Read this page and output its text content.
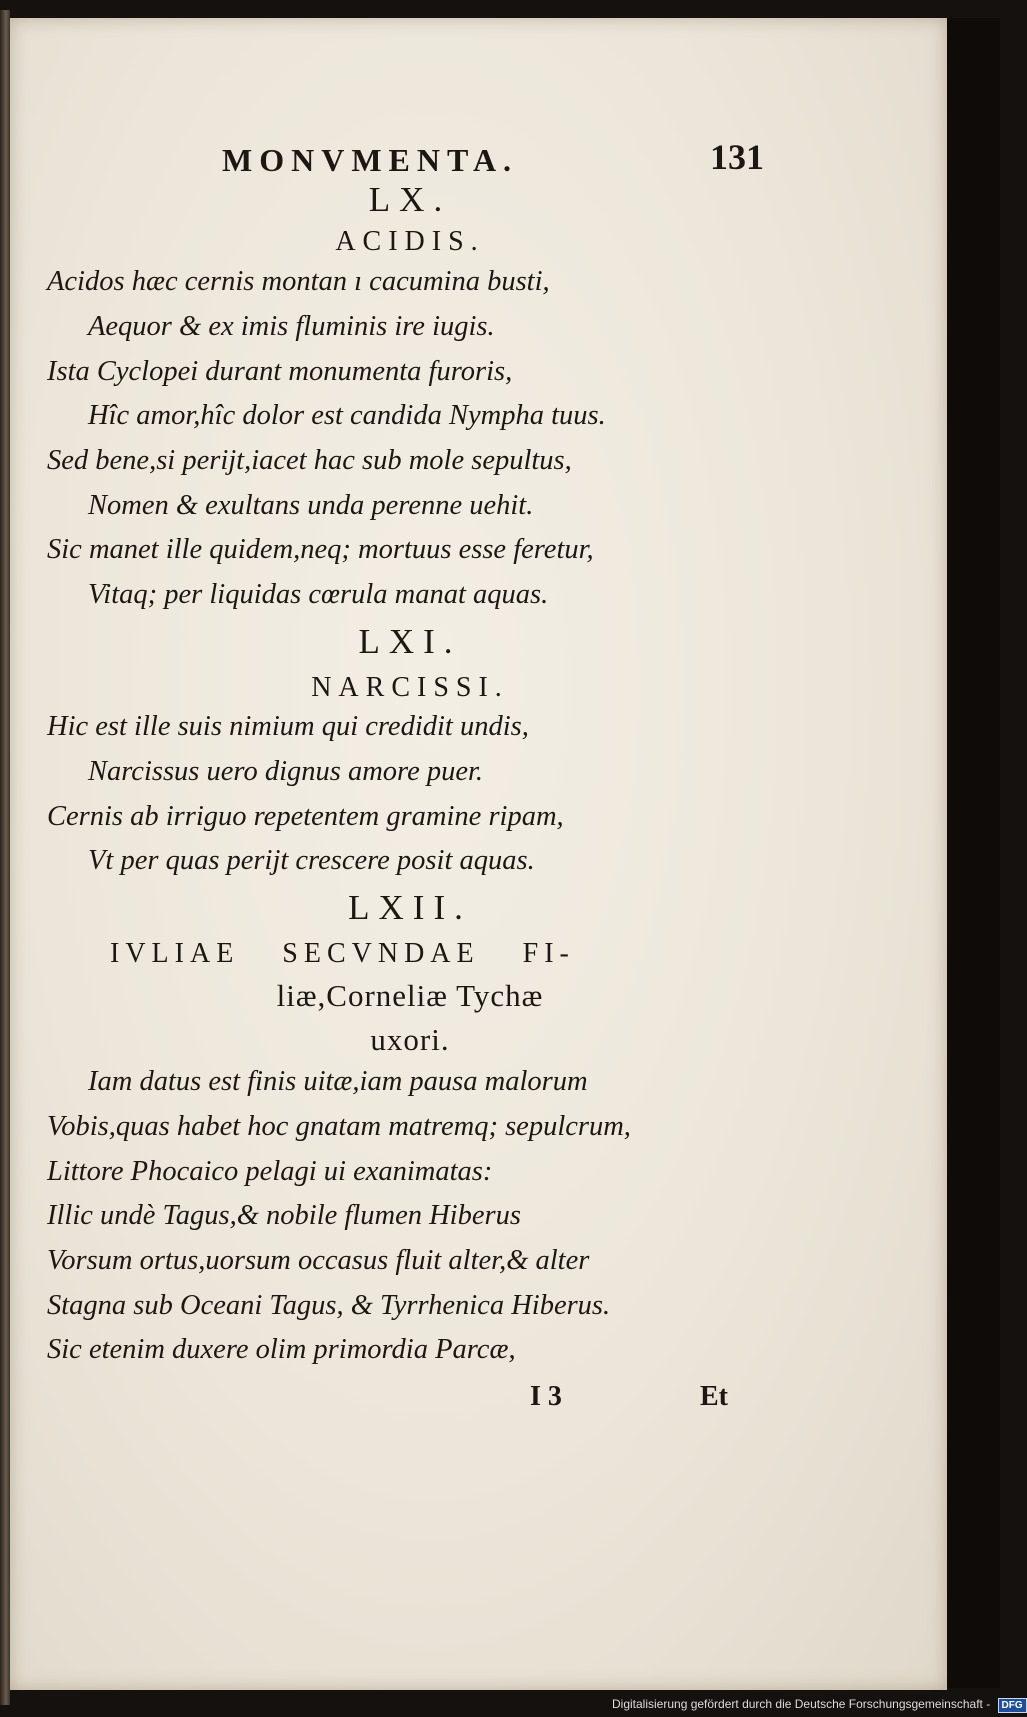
MONVMENTA.	131
LX.
ACIDIS.
Acidos hæc cernis montan ı cacumina busti,
Aequor & ex imis fluminis ire iugis.
Ista Cyclopei durant monumenta furoris,
Hîc amor,hîc dolor est candida Nympha tuus.
Sed bene,si perijt,iacet hac sub mole sepultus,
Nomen & exultans unda perenne uehit.
Sic manet ille quidem,neq; mortuus esse feretur,
Vitaq; per liquidas cœrula manat aquas.
LXI.
NARCISSI.
Hic est ille suis nimium qui credidit undis,
Narcissus uero dignus amore puer.
Cernis ab irriguo repetentem gramine ripam,
Vt per quas perijt crescere posit aquas.
LXII.
IVLIAE SECVNDAE FI-
liæ,Corneliæ Tychæ
uxori.
Iam datus est finis uitæ,iam pausa malorum
Vobis,quas habet hoc gnatam matremq; sepulcrum,
Littore Phocaico pelagi ui exanimatas:
Illic undè Tagus,& nobile flumen Hiberus
Vorsum ortus,uorsum occasus fluit alter,& alter
Stagna sub Oceani Tagus, & Tyrrhenica Hiberus.
Sic etenim duxere olim primordia Parcæ,
I 3	Et
Digitalisierung gefördert durch die Deutsche Forschungsgemeinschaft - DFG
